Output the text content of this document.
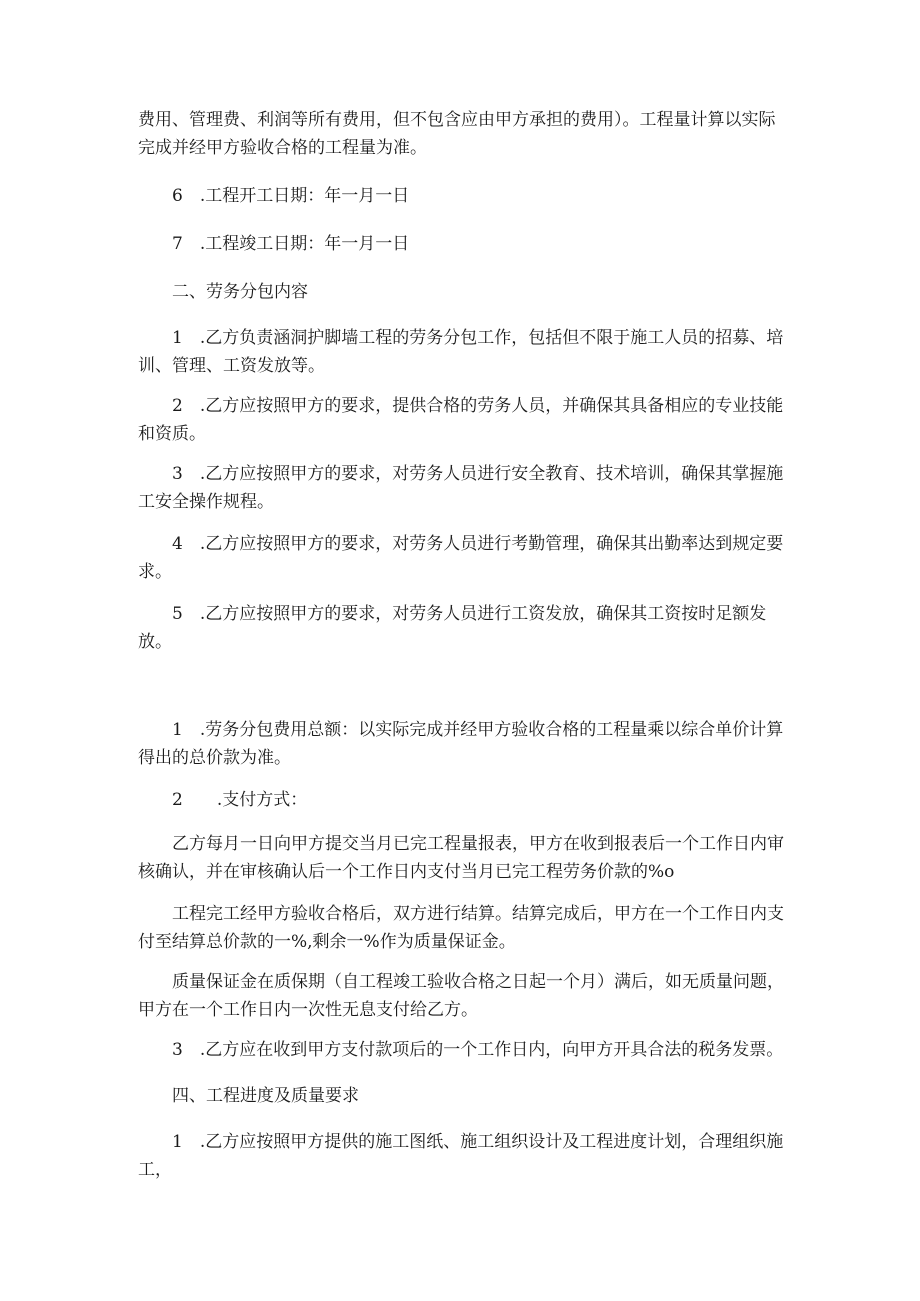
费用、管理费、利润等所有费用，但不包含应由甲方承担的费用）。工程量计算以实际完成并经甲方验收合格的工程量为准。

6　.工程开工日期：年一月一日

7　.工程竣工日期：年一月一日

二、劳务分包内容

1　.乙方负责涵洞护脚墙工程的劳务分包工作，包括但不限于施工人员的招募、培训、管理、工资发放等。

2　.乙方应按照甲方的要求，提供合格的劳务人员，并确保其具备相应的专业技能和资质。

3　.乙方应按照甲方的要求，对劳务人员进行安全教育、技术培训，确保其掌握施工安全操作规程。

4　.乙方应按照甲方的要求，对劳务人员进行考勤管理，确保其出勤率达到规定要求。

5　.乙方应按照甲方的要求，对劳务人员进行工资发放，确保其工资按时足额发放。

1　.劳务分包费用总额：以实际完成并经甲方验收合格的工程量乘以综合单价计算得出的总价款为准。

2　　.支付方式：

乙方每月一日向甲方提交当月已完工程量报表，甲方在收到报表后一个工作日内审核确认，并在审核确认后一个工作日内支付当月已完工程劳务价款的%o

工程完工经甲方验收合格后，双方进行结算。结算完成后，甲方在一个工作日内支付至结算总价款的一%,剩余一%作为质量保证金。

质量保证金在质保期（自工程竣工验收合格之日起一个月）满后，如无质量问题，甲方在一个工作日内一次性无息支付给乙方。

3　.乙方应在收到甲方支付款项后的一个工作日内，向甲方开具合法的税务发票。

四、工程进度及质量要求

1　.乙方应按照甲方提供的施工图纸、施工组织设计及工程进度计划，合理组织施工，
